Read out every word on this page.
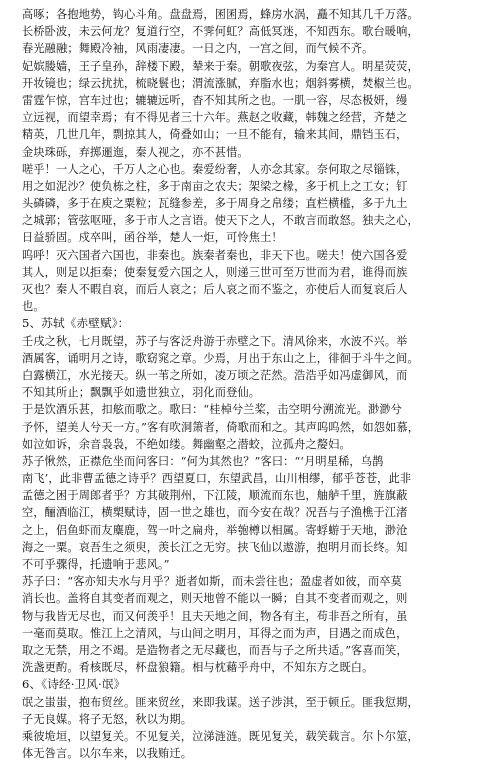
高啄；各抱地势，钩心斗角。盘盘焉，囷囷焉，蜂房水涡，矗不知其几千万落。
长桥卧波，未云何龙？复道行空，不霁何虹？高低冥迷，不知西东。歌台暖响，
春光融融；舞殿冷袖，风雨凄凄。一日之内，一宫之间，而气候不齐。
妃嫔媵嫱，王子皇孙，辞楼下殿，辇来于秦。朝歌夜弦，为秦宫人。明星荧荧，
开妆镜也；绿云扰扰，梳晓鬟也；渭流涨腻，弃脂水也；烟斜雾横，焚椒兰也。
雷霆乍惊，宫车过也；辘辘远听，杳不知其所之也。一肌一容，尽态极妍，缦
立远视，而望幸焉；有不得见者三十六年。燕赵之收藏，韩魏之经营，齐楚之
精英，几世几年，剽掠其人，倚叠如山；一旦不能有，输来其间，鼎铛玉石，
金块珠砾，弃掷逦迤，秦人视之，亦不甚惜。
嗟乎！一人之心，千万人之心也。秦爱纷奢，人亦念其家。奈何取之尽锱铢，
用之如泥沙？使负栋之柱，多于南亩之农夫；架梁之椽，多于机上之工女；钉
头磷磷，多于在庾之粟粒；瓦缝参差，多于周身之帛缕；直栏横槛，多于九土
之城郭；管弦呕哑，多于市人之言语。使天下之人，不敢言而敢怒。独夫之心，
日益骄固。戍卒叫，函谷举，楚人一炬，可怜焦土！
呜呼！灭六国者六国也，非秦也。族秦者秦也，非天下也。嗟夫！使六国各爱
其人，则足以拒秦；使秦复爱六国之人，则递三世可至万世而为君，谁得而族
灭也？秦人不暇自哀，而后人哀之；后人哀之而不鉴之，亦使后人而复哀后人
也。
5、苏轼《赤壁赋》：
壬戌之秋，七月既望，苏子与客泛舟游于赤壁之下。清风徐来，水波不兴。举
酒属客，诵明月之诗，歌窈窕之章。少焉，月出于东山之上，徘徊于斗牛之间。
白露横江，水光接天。纵一苇之所如，凌万顷之茫然。浩浩乎如冯虚御风，而
不知其所止；飘飘乎如遗世独立，羽化而登仙。
于是饮酒乐甚，扣舷而歌之。歌曰：“桂棹兮兰桨，击空明兮溯流光。渺渺兮
予怀，望美人兮天一方。”客有吹洞箫者，倚歌而和之。其声呜呜然，如怨如慕，
如泣如诉，余音袅袅，不绝如缕。舞幽壑之潜蛟，泣孤舟之嫠妇。
苏子愀然，正襟危坐而问客曰：“何为其然也？”客曰：“‘月明星稀，乌鹊
南飞’，此非曹孟德之诗乎？西望夏口，东望武昌，山川相缪，郁乎苍苍，此非
孟德之困于周郎者乎？方其破荆州，下江陵，顺流而东也，舳舻千里，旌旗蔽
空，酾酒临江，横槊赋诗，固一世之雄也，而今安在哉？况吾与子渔樵于江渚
之上，侣鱼虾而友麋鹿，驾一叶之扁舟，举匏樽以相属。寄蜉蝣于天地，渺沧
海之一粟。哀吾生之须臾，羡长江之无穷。挟飞仙以遨游，抱明月而长终。知
不可乎骤得，托遗响于悲风。”
苏子曰：“客亦知夫水与月乎？逝者如斯，而未尝往也；盈虚者如彼，而卒莫
消长也。盖将自其变者而观之，则天地曾不能以一瞬；自其不变者而观之，则
物与我皆无尽也，而又何羡乎！且夫天地之间，物各有主，苟非吾之所有，虽
一毫而莫取。惟江上之清风，与山间之明月，耳得之而为声，目遇之而成色，
取之无禁，用之不竭。是造物者之无尽藏也，而吾与子之所共适。”客喜而笑，
洗盏更酌。肴核既尽，杯盘狼籍。相与枕藉乎舟中，不知东方之既白。
6、《诗经·卫风·氓》
氓之蚩蚩，抱布贸丝。匪来贸丝，来即我谋。送子涉淇，至于顿丘。匪我愆期，
子无良媒。将子无怒，秋以为期。
乘彼垝垣，以望复关。不见复关，泣涕涟涟。既见复关，载笑载言。尔卜尔筮，
体无咎言。以尔车来，以我贿迁。
